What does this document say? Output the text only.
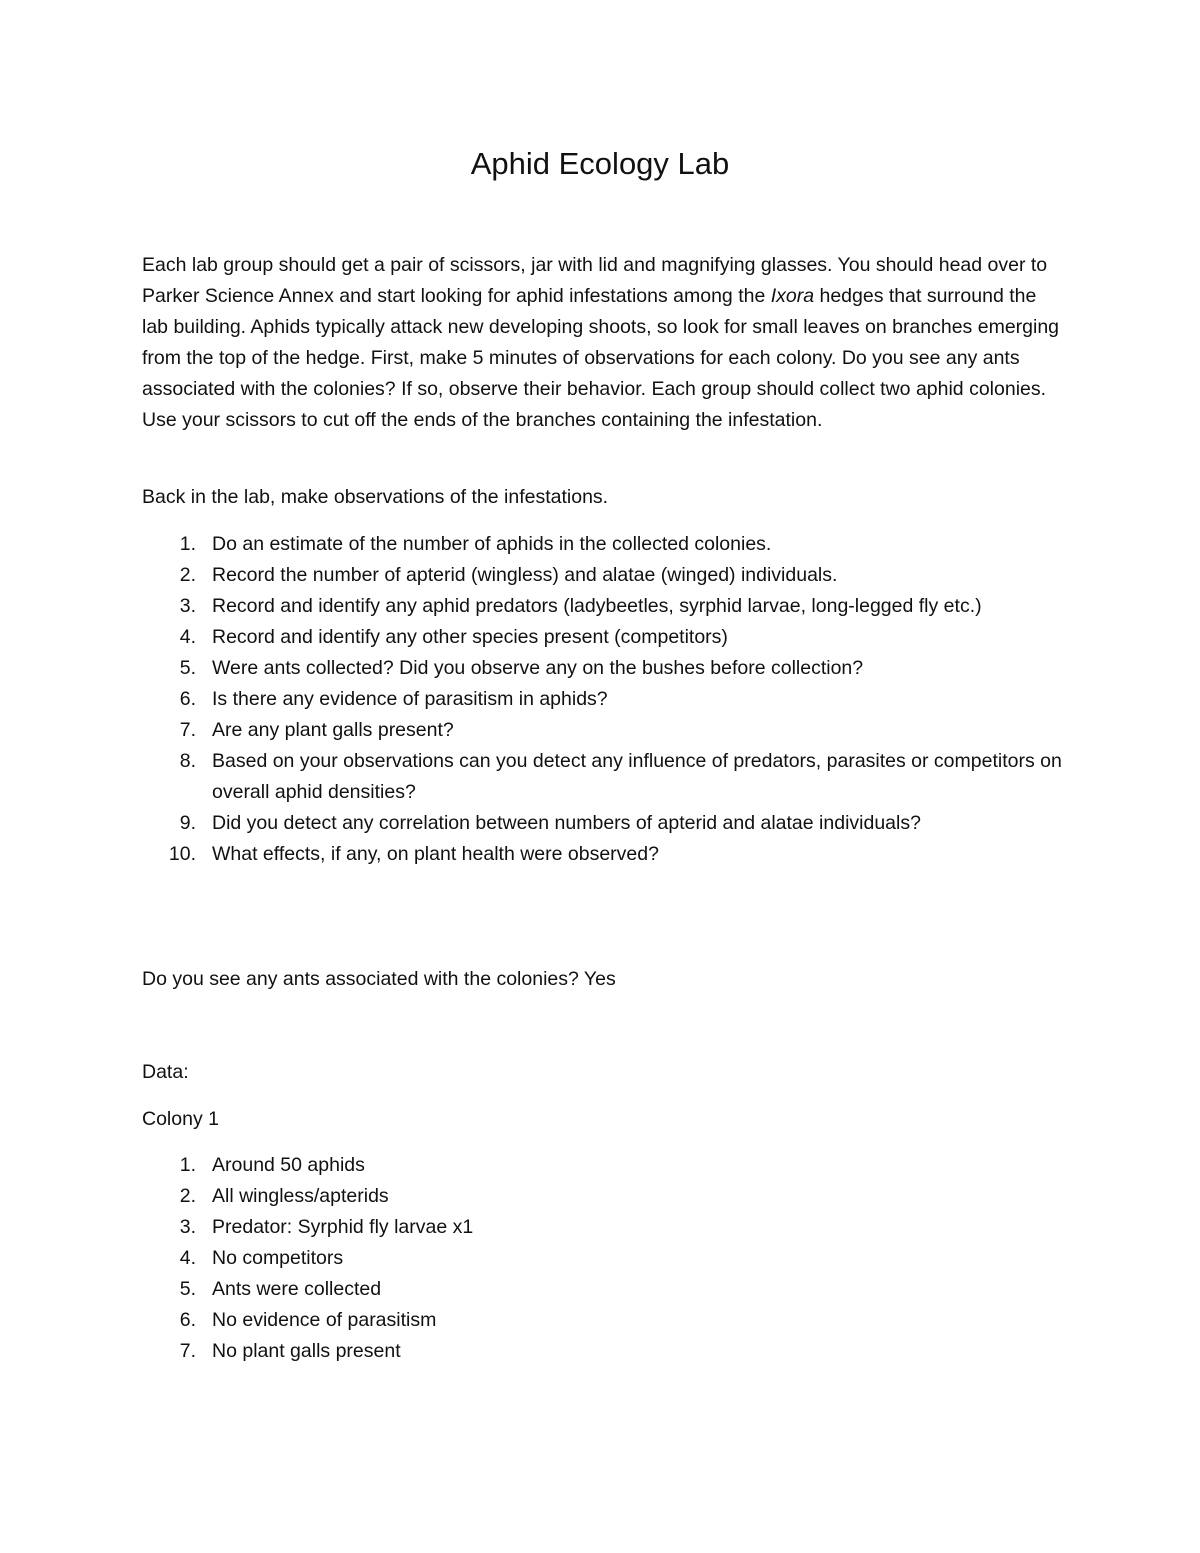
Aphid Ecology Lab

Each lab group should get a pair of scissors, jar with lid and magnifying glasses. You should head over to Parker Science Annex and start looking for aphid infestations among the Ixora hedges that surround the lab building. Aphids typically attack new developing shoots, so look for small leaves on branches emerging from the top of the hedge. First, make 5 minutes of observations for each colony. Do you see any ants associated with the colonies? If so, observe their behavior. Each group should collect two aphid colonies. Use your scissors to cut off the ends of the branches containing the infestation.

Back in the lab, make observations of the infestations.

1. Do an estimate of the number of aphids in the collected colonies.
2. Record the number of apterid (wingless) and alatae (winged) individuals.
3. Record and identify any aphid predators (ladybeetles, syrphid larvae, long-legged fly etc.)
4. Record and identify any other species present (competitors)
5. Were ants collected? Did you observe any on the bushes before collection?
6. Is there any evidence of parasitism in aphids?
7. Are any plant galls present?
8. Based on your observations can you detect any influence of predators, parasites or competitors on overall aphid densities?
9. Did you detect any correlation between numbers of apterid and alatae individuals?
10. What effects, if any, on plant health were observed?

Do you see any ants associated with the colonies? Yes

Data:

Colony 1

1. Around 50 aphids
2. All wingless/apterids
3. Predator: Syrphid fly larvae x1
4. No competitors
5. Ants were collected
6. No evidence of parasitism
7. No plant galls present
